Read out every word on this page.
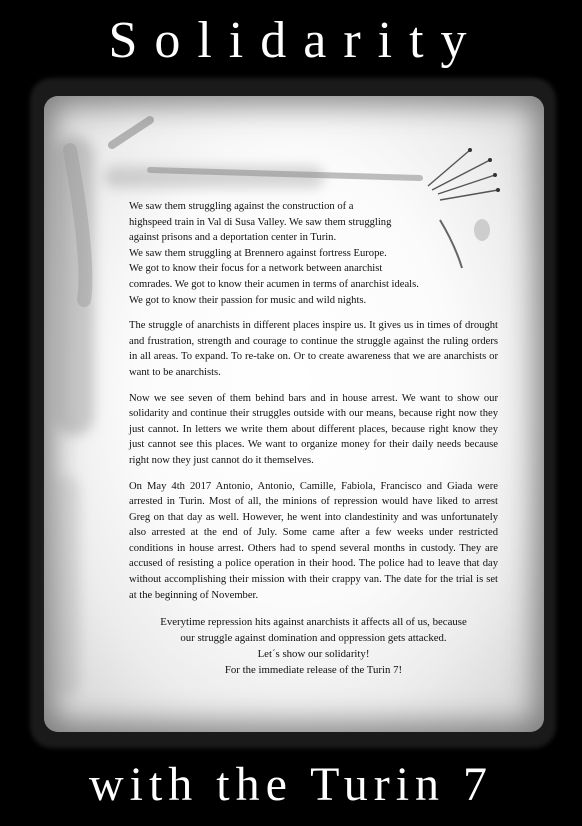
Solidarity

We saw them struggling against the construction of a
highspeed train in Val di Susa Valley. We saw them struggling
against prisons and a deportation center in Turin.
We saw them struggling at Brennero against fortress Europe.
We got to know their focus for a network between anarchist
comrades. We got to know their acumen in terms of anarchist ideals.
We got to know their passion for music and wild nights.

The struggle of anarchists in different places inspire us. It gives us in times of drought and frustration, strength and courage to continue the struggle against the ruling orders in all areas. To expand. To re-take on. Or to create awareness that we are anarchists or want to be anarchists.

Now we see seven of them behind bars and in house arrest. We want to show our solidarity and continue their struggles outside with our means, because right now they just cannot. In letters we write them about different places, because right know they just cannot see this places. We want to organize money for their daily needs because right now they just cannot do it themselves.

On May 4th 2017 Antonio, Antonio, Camille, Fabiola, Francisco and Giada were arrested in Turin. Most of all, the minions of repression would have liked to arrest Greg on that day as well. However, he went into clandestinity and was unfortunately also arrested at the end of July. Some came after a few weeks under restricted conditions in house arrest. Others had to spend several months in custody. They are accused of resisting a police operation in their hood. The police had to leave that day without accomplishing their mission with their crappy van. The date for the trial is set at the beginning of November.

Everytime repression hits against anarchists it affects all of us, because
our struggle against domination and oppression gets attacked.
Let´s show our solidarity!
For the immediate release of the Turin 7!
with the Turin 7
